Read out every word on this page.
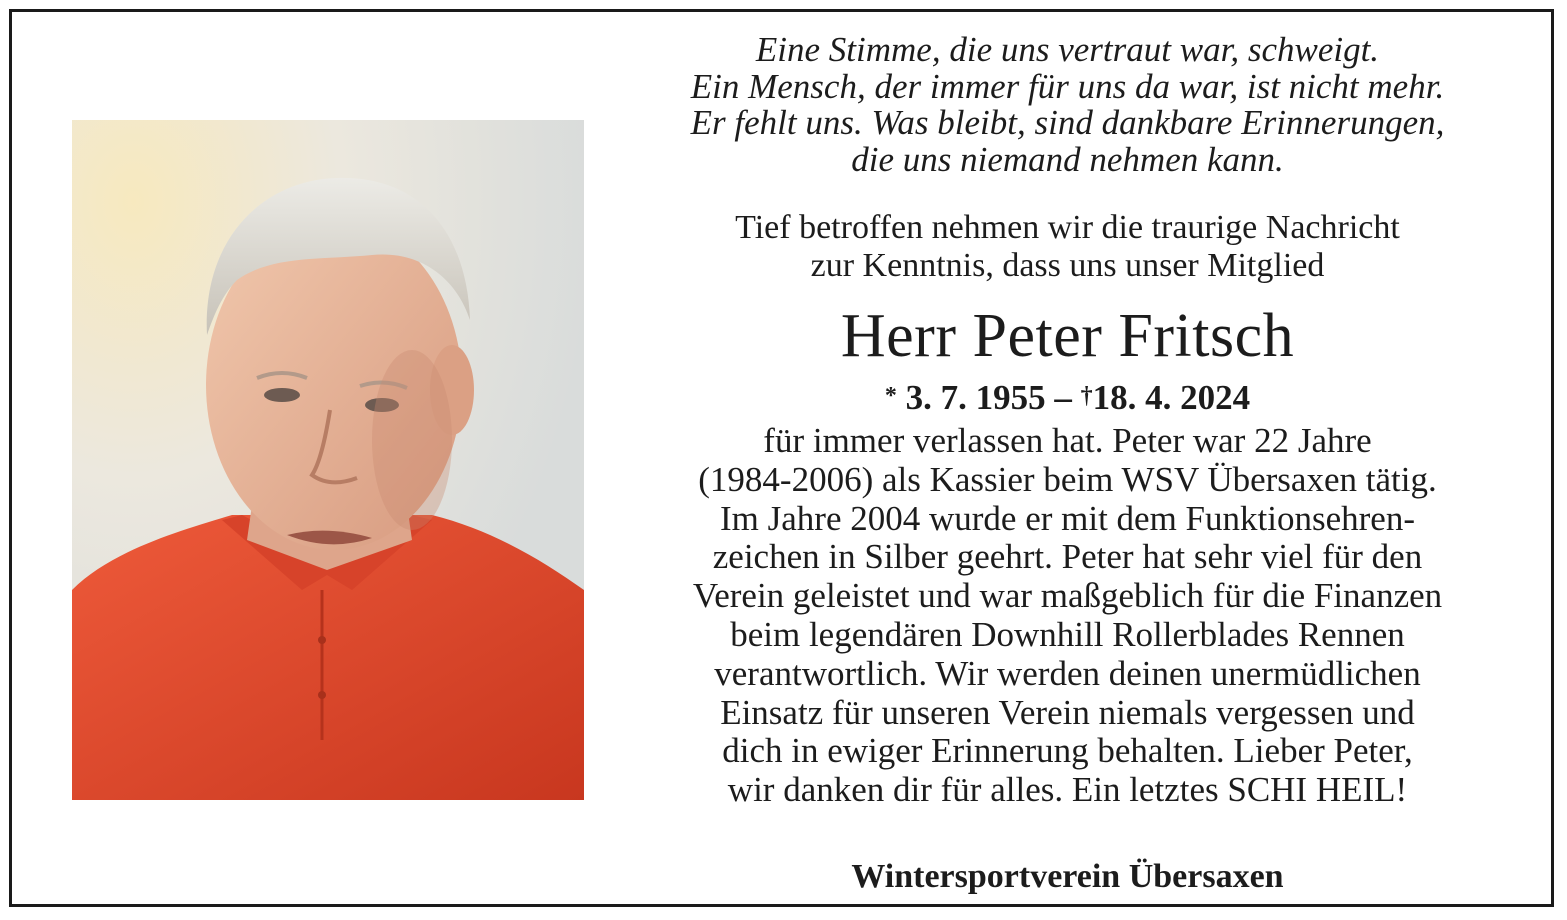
Eine Stimme, die uns vertraut war, schweigt.
Ein Mensch, der immer für uns da war, ist nicht mehr.
Er fehlt uns. Was bleibt, sind dankbare Erinnerungen,
die uns niemand nehmen kann.
Tief betroffen nehmen wir die traurige Nachricht
zur Kenntnis, dass uns unser Mitglied
Herr Peter Fritsch
* 3. 7. 1955 – †18. 4. 2024
für immer verlassen hat. Peter war 22 Jahre
(1984-2006) als Kassier beim WSV Übersaxen tätig.
Im Jahre 2004 wurde er mit dem Funktionsehren-
zeichen in Silber geehrt. Peter hat sehr viel für den
Verein geleistet und war maßgeblich für die Finanzen
beim legendären Downhill Rollerblades Rennen
verantwortlich. Wir werden deinen unermüdlichen
Einsatz für unseren Verein niemals vergessen und
dich in ewiger Erinnerung behalten. Lieber Peter,
wir danken dir für alles. Ein letztes SCHI HEIL!
Wintersportverein Übersaxen
